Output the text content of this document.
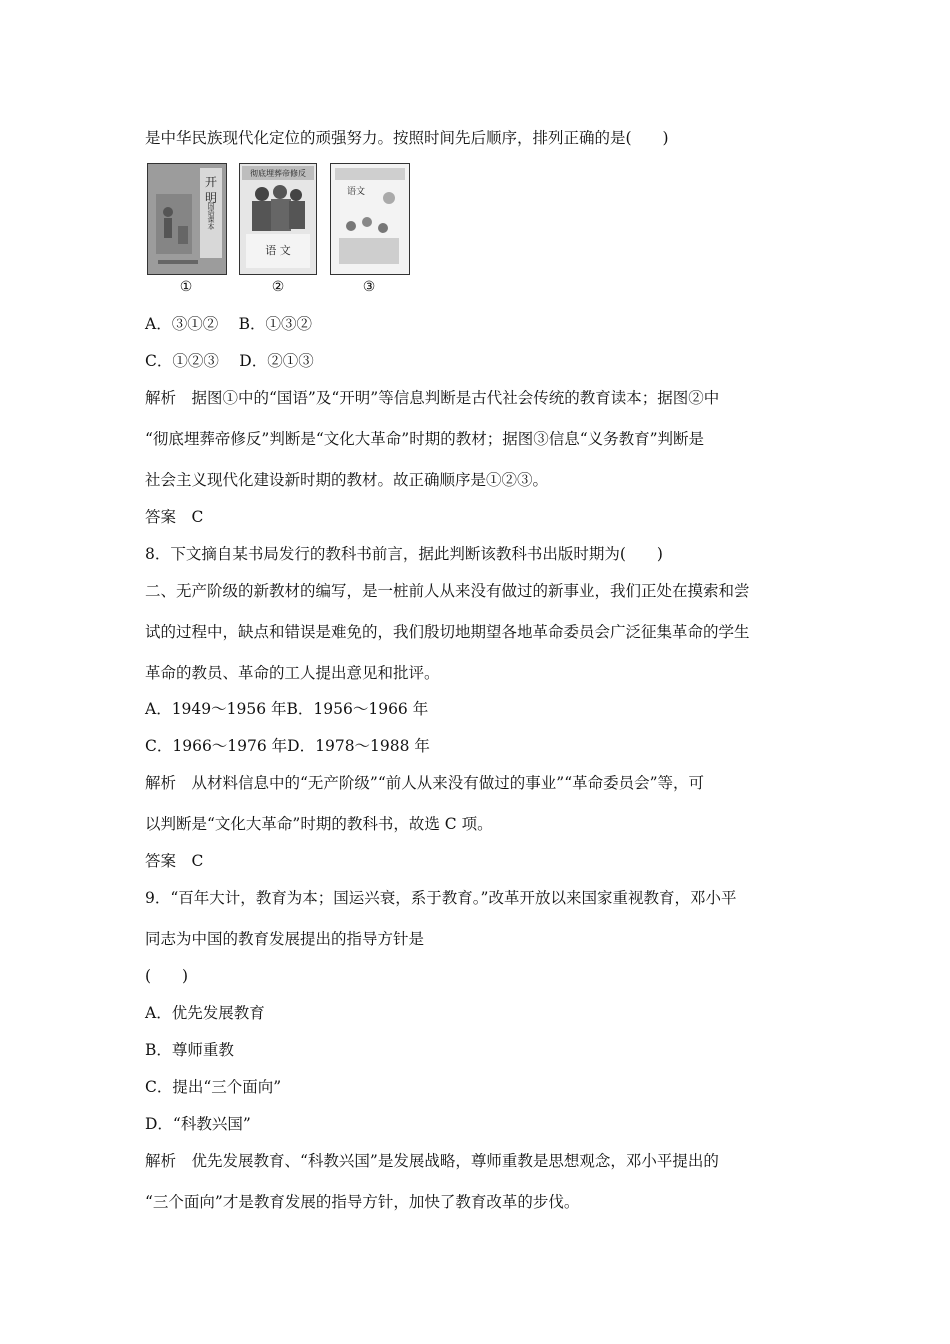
是中华民族现代化定位的顽强努力。按照时间先后顺序，排列正确的是(　　)
开
明
国语课本
彻底埋葬帝修反
语 文
语文
①	②	③
A．③①②　 B．①③②
C．①②③　 D．②①③
解析　据图①中的“国语”及“开明”等信息判断是古代社会传统的教育读本；据图②中
“彻底埋葬帝修反”判断是“文化大革命”时期的教材；据图③信息“义务教育”判断是
社会主义现代化建设新时期的教材。故正确顺序是①②③。
答案　C
8．下文摘自某书局发行的教科书前言，据此判断该教科书出版时期为(　　)
二、无产阶级的新教材的编写，是一桩前人从来没有做过的新事业，我们正处在摸索和尝
试的过程中，缺点和错误是难免的，我们殷切地期望各地革命委员会广泛征集革命的学生
革命的教员、革命的工人提出意见和批评。
A．1949～1956 年B．1956～1966 年
C．1966～1976 年D．1978～1988 年
解析　从材料信息中的“无产阶级”“前人从来没有做过的事业”“革命委员会”等，可
以判断是“文化大革命”时期的教科书，故选 C 项。
答案　C
9．“百年大计，教育为本；国运兴衰，系于教育。”改革开放以来国家重视教育，邓小平
同志为中国的教育发展提出的指导方针是
(　　)
A．优先发展教育
B．尊师重教
C．提出“三个面向”
D．“科教兴国”
解析　优先发展教育、“科教兴国”是发展战略，尊师重教是思想观念，邓小平提出的
“三个面向”才是教育发展的指导方针，加快了教育改革的步伐。
